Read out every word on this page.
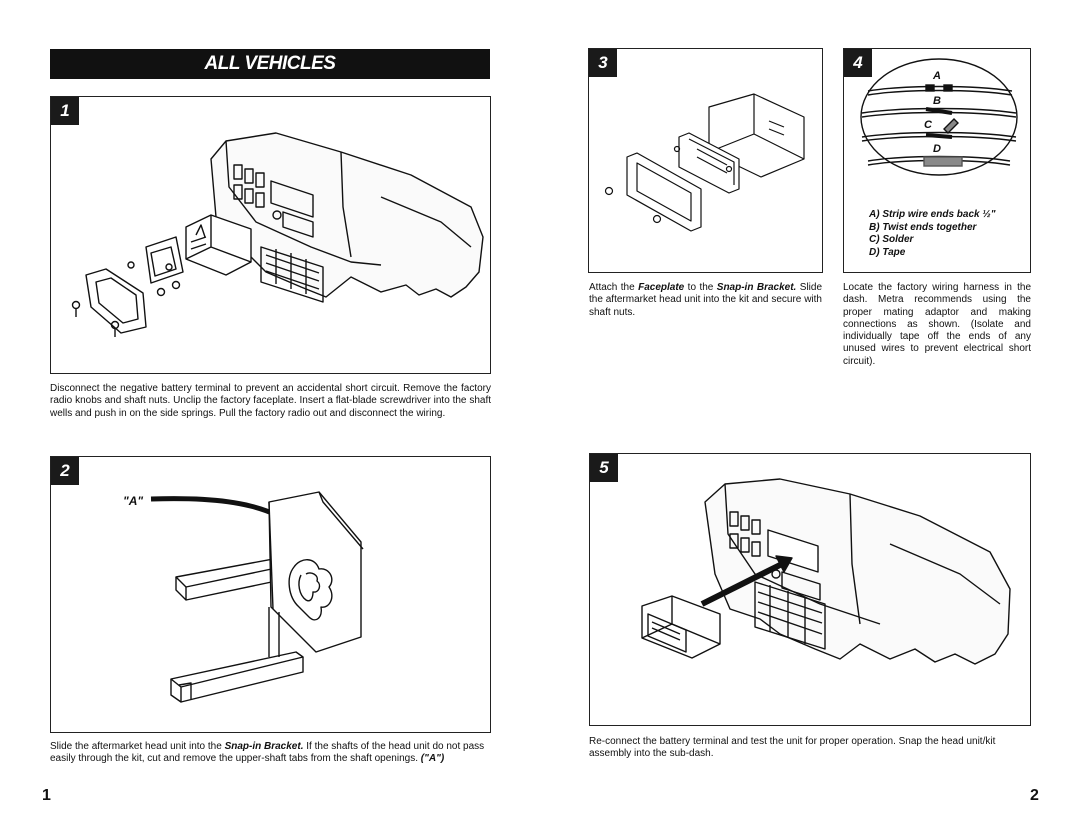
ALL VEHICLES
1
Disconnect the negative battery terminal to prevent an accidental short circuit. Remove the factory radio knobs and shaft nuts. Unclip the factory faceplate. Insert a flat-blade screwdriver into the shaft wells and push in on the side springs. Pull the factory radio out and disconnect the wiring.
2
"A"
Slide the aftermarket head unit into the Snap-in Bracket. If the shafts of the head unit do not pass easily through the kit, cut and remove the upper-shaft tabs from the shaft openings. ("A")
3
Attach the Faceplate to the Snap-in Bracket. Slide the aftermarket head unit into the kit and secure with shaft nuts.
4
A
B
C
D
A) Strip wire ends back ½"
B) Twist ends together
C) Solder
D) Tape
Locate the factory wiring harness in the dash. Metra recommends using the proper mating adaptor and making connections as shown. (Isolate and individually tape off the ends of any unused wires to prevent electrical short circuit).
5
Re-connect the battery terminal and test the unit for proper operation. Snap the head unit/kit assembly into the sub-dash.
1	2
